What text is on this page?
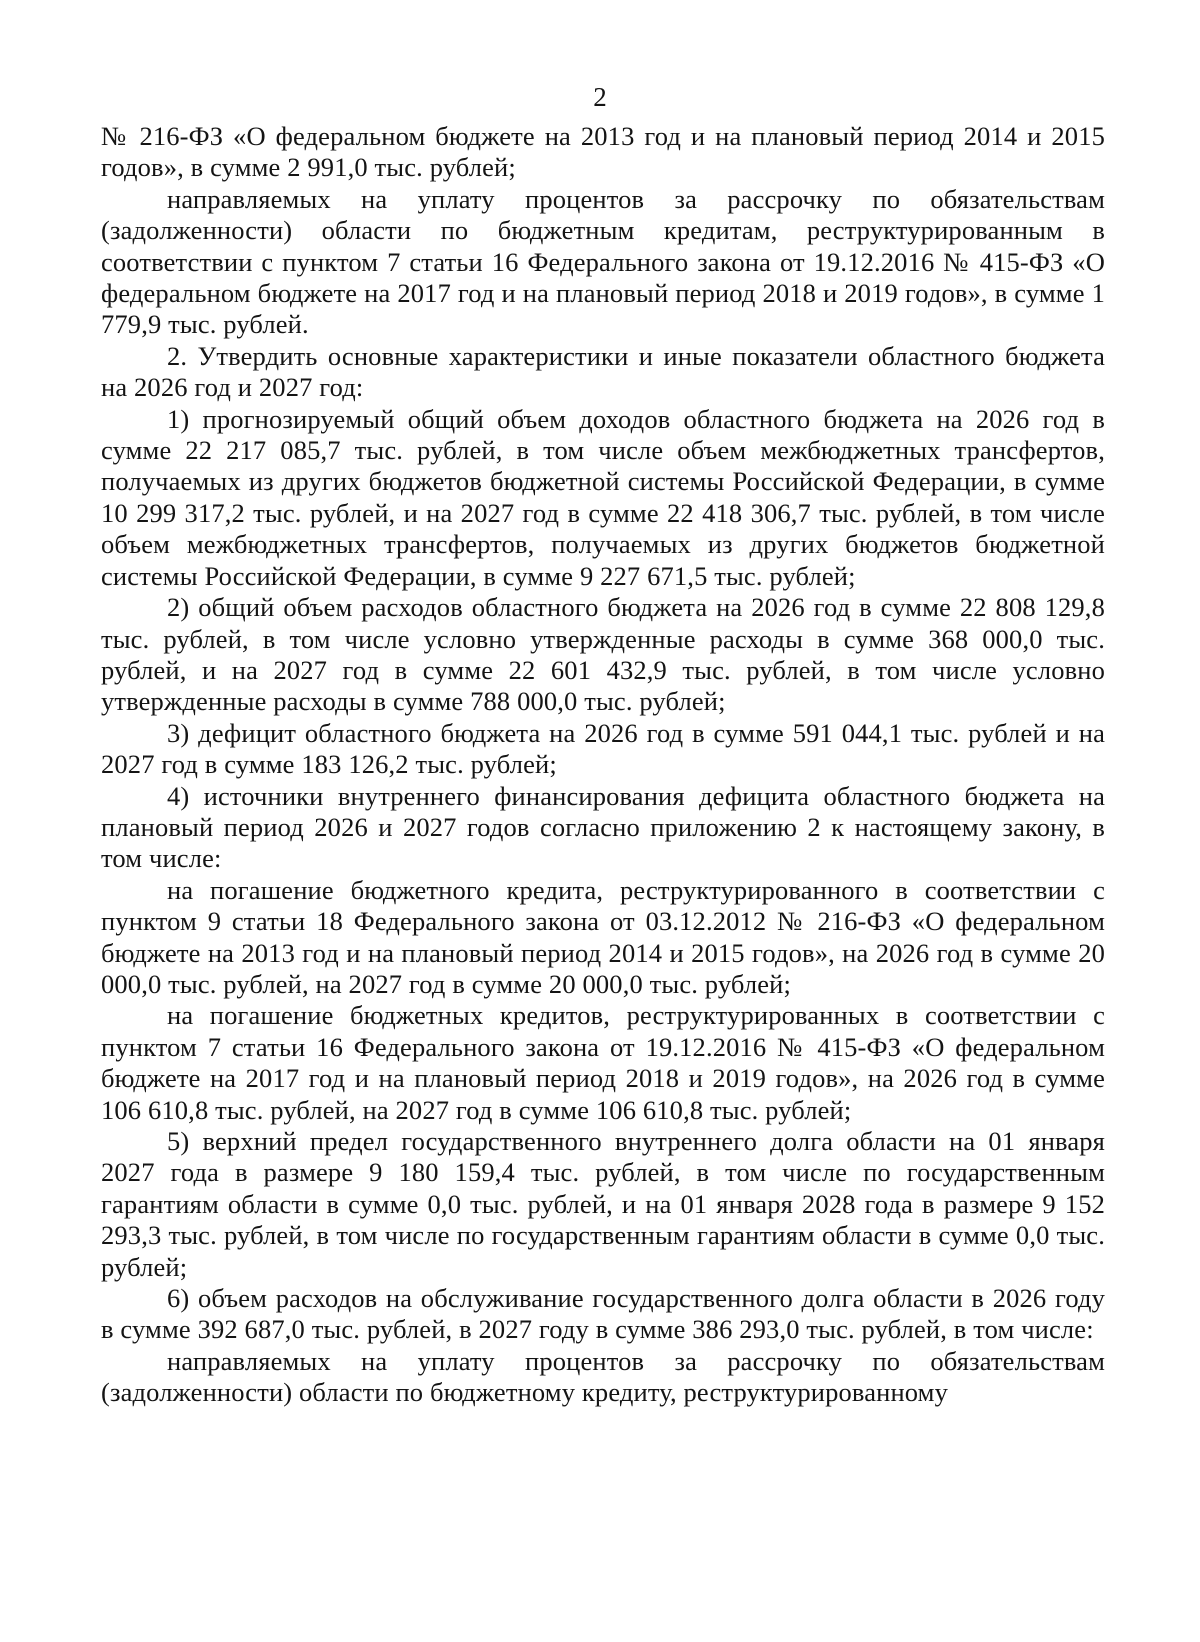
2

№ 216-ФЗ «О федеральном бюджете на 2013 год и на плановый период 2014 и 2015 годов», в сумме 2 991,0 тыс. рублей;

направляемых на уплату процентов за рассрочку по обязательствам (задолженности) области по бюджетным кредитам, реструктурированным в соответствии с пунктом 7 статьи 16 Федерального закона от 19.12.2016 № 415-ФЗ «О федеральном бюджете на 2017 год и на плановый период 2018 и 2019 годов», в сумме 1 779,9 тыс. рублей.

2. Утвердить основные характеристики и иные показатели областного бюджета на 2026 год и 2027 год:

1) прогнозируемый общий объем доходов областного бюджета на 2026 год в сумме 22 217 085,7 тыс. рублей, в том числе объем межбюджетных трансфертов, получаемых из других бюджетов бюджетной системы Российской Федерации, в сумме 10 299 317,2 тыс. рублей, и на 2027 год в сумме 22 418 306,7 тыс. рублей, в том числе объем межбюджетных трансфертов, получаемых из других бюджетов бюджетной системы Российской Федерации, в сумме 9 227 671,5 тыс. рублей;

2) общий объем расходов областного бюджета на 2026 год в сумме 22 808 129,8 тыс. рублей, в том числе условно утвержденные расходы в сумме 368 000,0 тыс. рублей, и на 2027 год в сумме 22 601 432,9 тыс. рублей, в том числе условно утвержденные расходы в сумме 788 000,0 тыс. рублей;

3) дефицит областного бюджета на 2026 год в сумме 591 044,1 тыс. рублей и на 2027 год в сумме 183 126,2 тыс. рублей;

4) источники внутреннего финансирования дефицита областного бюджета на плановый период 2026 и 2027 годов согласно приложению 2 к настоящему закону, в том числе:

на погашение бюджетного кредита, реструктурированного в соответствии с пунктом 9 статьи 18 Федерального закона от 03.12.2012 № 216-ФЗ «О федеральном бюджете на 2013 год и на плановый период 2014 и 2015 годов», на 2026 год в сумме 20 000,0 тыс. рублей, на 2027 год в сумме 20 000,0 тыс. рублей;

на погашение бюджетных кредитов, реструктурированных в соответствии с пунктом 7 статьи 16 Федерального закона от 19.12.2016 № 415-ФЗ «О федеральном бюджете на 2017 год и на плановый период 2018 и 2019 годов», на 2026 год в сумме 106 610,8 тыс. рублей, на 2027 год в сумме 106 610,8 тыс. рублей;

5) верхний предел государственного внутреннего долга области на 01 января 2027 года в размере 9 180 159,4 тыс. рублей, в том числе по государственным гарантиям области в сумме 0,0 тыс. рублей, и на 01 января 2028 года в размере 9 152 293,3 тыс. рублей, в том числе по государственным гарантиям области в сумме 0,0 тыс. рублей;

6) объем расходов на обслуживание государственного долга области в 2026 году в сумме 392 687,0 тыс. рублей, в 2027 году в сумме 386 293,0 тыс. рублей, в том числе:

направляемых на уплату процентов за рассрочку по обязательствам (задолженности) области по бюджетному кредиту, реструктурированному
